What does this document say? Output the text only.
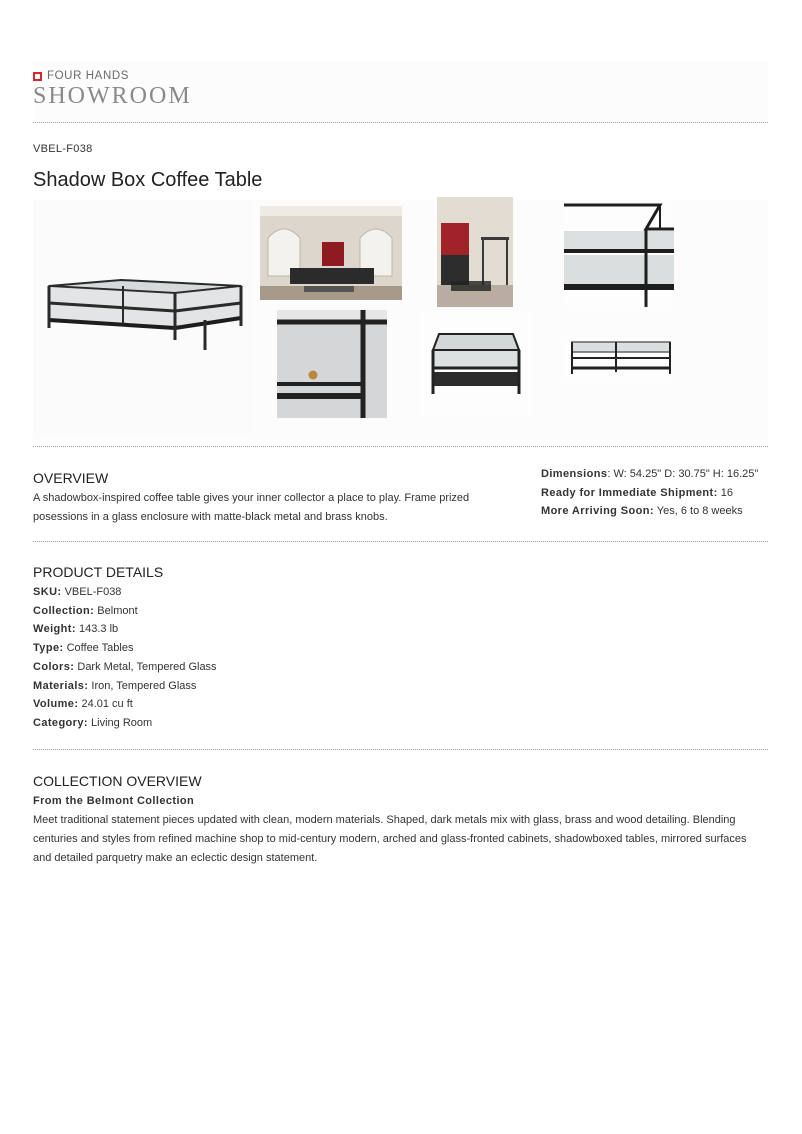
FOUR HANDS
SHOWROOM
VBEL-F038
Shadow Box Coffee Table
OVERVIEW

A shadowbox-inspired coffee table gives your inner collector a place to play. Frame prized posessions in a glass enclosure with matte-black metal and brass knobs.

Dimensions: W: 54.25" D: 30.75" H: 16.25"
Ready for Immediate Shipment: 16
More Arriving Soon: Yes, 6 to 8 weeks
PRODUCT DETAILS
SKU: VBEL-F038
Collection: Belmont
Weight: 143.3 lb
Type: Coffee Tables
Colors: Dark Metal, Tempered Glass
Materials: Iron, Tempered Glass
Volume: 24.01 cu ft
Category: Living Room
COLLECTION OVERVIEW
From the Belmont Collection

Meet traditional statement pieces updated with clean, modern materials. Shaped, dark metals mix with glass, brass and wood detailing. Blending centuries and styles from refined machine shop to mid-century modern, arched and glass-fronted cabinets, shadowboxed tables, mirrored surfaces and detailed parquetry make an eclectic design statement.
